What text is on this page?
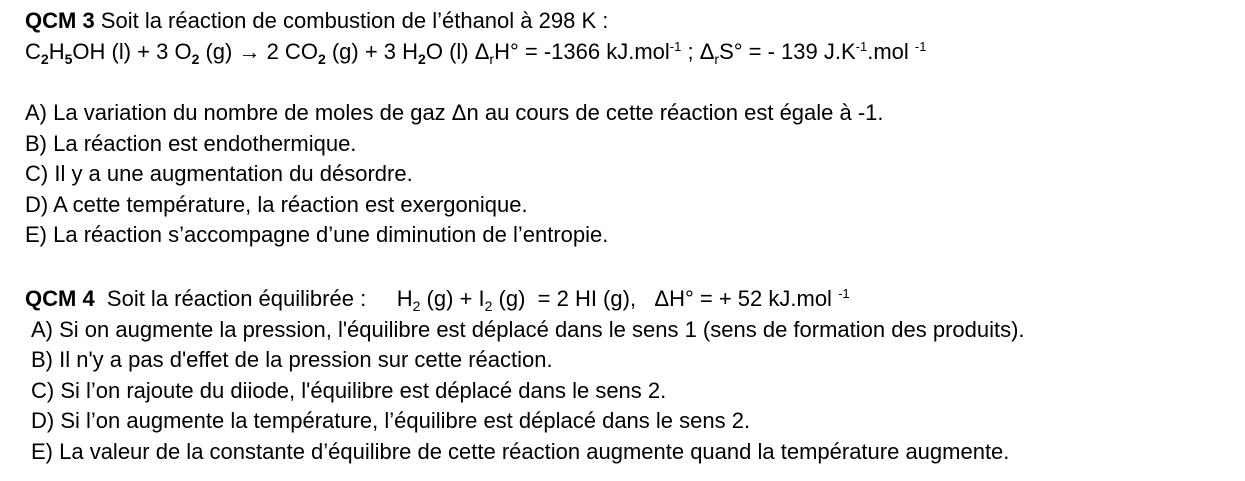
QCM 3 Soit la réaction de combustion de l’éthanol à 298 K :
$C_2H_5OH$ (l) + 3 $O_2$ (g) → 2 $CO_2$ (g) + 3 $H_2O$ (l) $\Delta_rH^\circ = -1366$ kJ.mol$^{-1}$ ; $\Delta_rS^\circ$ = - 139 $J.K^{-1}.mol$ $^{-1}$
A) La variation du nombre de moles de gaz Δn au cours de cette réaction est égale à -1.
B) La réaction est endothermique.
C) Il y a une augmentation du désordre.
D) A cette température, la réaction est exergonique.
E) La réaction s’accompagne d’une diminution de l’entropie.
QCM 4  Soit la réaction équilibrée :     $H_2$ $(g) + I_2$ (g)  = 2 HI (g),   ΔH° = + 52 kJ.mol $^{-1}$
A) Si on augmente la pression, l'équilibre est déplacé dans le sens 1 (sens de formation des produits).
B) Il n'y a pas d'effet de la pression sur cette réaction.
C) Si l’on rajoute du diiode, l'équilibre est déplacé dans le sens 2.
D) Si l’on augmente la température, l’équilibre est déplacé dans le sens 2.
E) La valeur de la constante d’équilibre de cette réaction augmente quand la température augmente.
